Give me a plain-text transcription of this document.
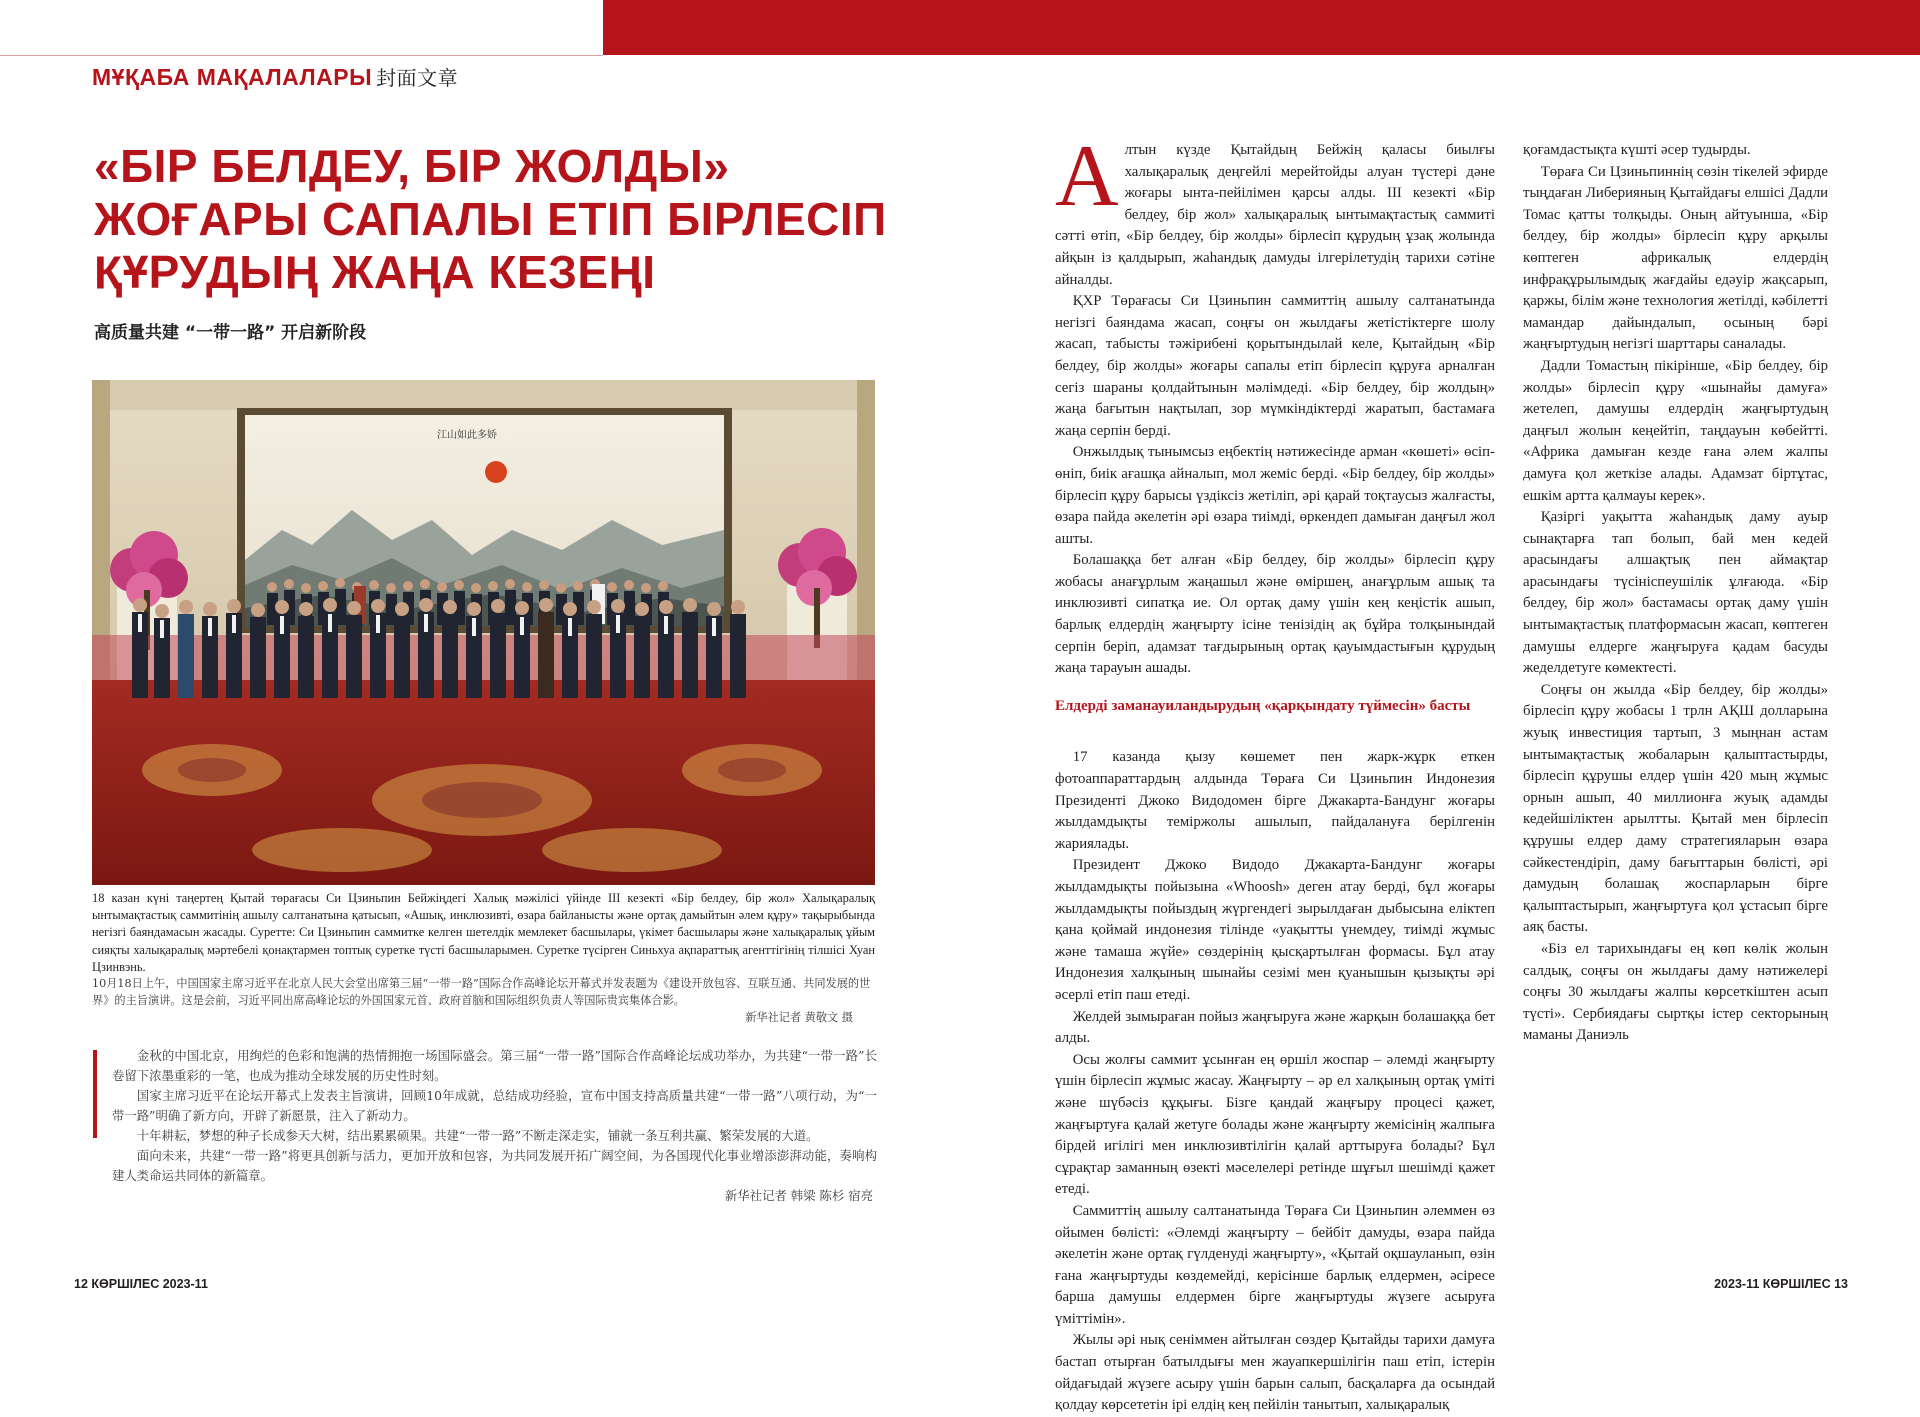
МҰҚАБА МАҚАЛАЛАРЫ 封面文章
«БІР БЕЛДЕУ, БІР ЖОЛДЫ» ЖОҒАРЫ САПАЛЫ ЕТІП БІРЛЕСІП ҚҰРУДЫҢ ЖАҢА КЕЗЕҢІ
高质量共建 “一带一路” 开启新阶段
江山如此多娇

18 казан күні таңертең Қытай төрағасы Си Цзиньпин Бейжіңдегі Халық мәжілісі үйінде III кезекті «Бір белдеу, бір жол» Халықаралық ынтымақтастық саммитінің ашылу салтанатына қатысып, «Ашық, инклюзивті, өзара байланысты және ортақ дамыйтын әлем құру» тақырыбында негізгі баяндамасын жасады. Суретте: Си Цзиньпин саммитке келген шетелдік мемлекет басшылары, үкімет басшылары және халықаралық ұйым сияқты халықаралық мәртебелі қонақтармен топтық суретке түсті басшыларымен. Суретке түсірген Синьхуа ақпараттық агенттігінің тілшісі Хуан Цзинвэнь.

10月18日上午，中国国家主席习近平在北京人民大会堂出席第三届“一带一路”国际合作高峰论坛开幕式并发表题为《建设开放包容、互联互通、共同发展的世界》的主旨演讲。这是会前，习近平同出席高峰论坛的外国国家元首、政府首脑和国际组织负责人等国际贵宾集体合影。
新华社记者 黄敬文 摄

金秋的中国北京，用绚烂的色彩和饱满的热情拥抱一场国际盛会。第三届“一带一路”国际合作高峰论坛成功举办，为共建“一带一路”长卷留下浓墨重彩的一笔，也成为推动全球发展的历史性时刻。

国家主席习近平在论坛开幕式上发表主旨演讲，回顾10年成就，总结成功经验，宣布中国支持高质量共建“一带一路”八项行动，为“一带一路”明确了新方向，开辟了新愿景，注入了新动力。

十年耕耘，梦想的种子长成参天大树，结出累累硕果。共建“一带一路”不断走深走实，铺就一条互利共赢、繁荣发展的大道。

面向未来，共建“一带一路”将更具创新与活力，更加开放和包容，为共同发展开拓广阔空间，为各国现代化事业增添澎湃动能，奏响构建人类命运共同体的新篇章。

新华社记者 韩梁 陈杉 宿亮

12 КӨРШІЛЕС 2023-11	2023-11 КӨРШІЛЕС 13

Алтын күзде Қытайдың Бейжің қаласы биылғы халықаралық деңгейлі мерейтойды алуан түстері дәне жоғары ынта-пейілімен қарсы алды. III кезекті «Бір белдеу, бір жол» халықаралық ынтымақтастық саммиті сәтті өтіп, «Бір белдеу, бір жолды» бірлесіп құрудың ұзақ жолында айқын із қалдырып, жаһандық дамуды ілгерілетудің тарихи сәтіне айналды.

ҚХР Төрағасы Си Цзиньпин саммиттің ашылу салтанатында негізгі баяндама жасап, соңғы он жылдағы жетістіктерге шолу жасап, табысты тәжірибені қорытындылай келе, Қытайдың «Бір белдеу, бір жолды» жоғары сапалы етіп бірлесіп құруға арналған сегіз шараны қолдайтынын мәлімдеді. «Бір белдеу, бір жолдың» жаңа бағытын нақтылап, зор мүмкіндіктерді жаратып, бастамаға жаңа серпін берді.

Онжылдық тынымсыз еңбектің нәтижесінде арман «көшеті» өсіп-өніп, биік ағашқа айналып, мол жеміс берді. «Бір белдеу, бір жолды» бірлесіп құру барысы үздіксіз жетіліп, әрі қарай тоқтаусыз жалғасты, өзара пайда әкелетін әрі өзара тиімді, өркендеп дамыған даңғыл жол ашты.

Болашаққа бет алған «Бір белдеу, бір жолды» бірлесіп құру жобасы анағұрлым жаңашыл және өміршең, анағұрлым ашық та инклюзивті сипатқа ие. Ол ортақ даму үшін кең кеңістік ашып, барлық елдердің жаңғырту ісіне тенізідің ақ бұйра толқынындай серпін беріп, адамзат тағдырының ортақ қауымдастығын құрудың жаңа тарауын ашады.

Елдерді заманауиландырудың «қарқындату түймесін» басты

17 казанда қызу көшемет пен жарк-жұрк еткен фотоаппараттардың алдында Төраға Си Цзиньпин Индонезия Президенті Джоко Видодомен бірге Джакарта-Бандунг жоғары жылдамдықты теміржолы ашылып, пайдалануға берілгенін жариялады.

Президент Джоко Видодо Джакарта-Бандунг жоғары жылдамдықты пойызына «Whoosh» деген атау берді, бұл жоғары жылдамдықты пойыздың жүргендегі зырылдаған дыбысына еліктеп қана қоймай индонезия тілінде «уақытты үнемдеу, тиімді жұмыс және тамаша жүйе» сөздерінің қысқартылған формасы. Бұл атау Индонезия халқының шынайы сезімі мен қуанышын қызықты әрі әсерлі етіп паш етеді.

Желдей зымыраған пойыз жаңғыруға және жарқын болашаққа бет алды.

Осы жолғы саммит ұсынған ең өршіл жоспар – әлемді жаңғырту үшін бірлесіп жұмыс жасау. Жаңғырту – әр ел халқының ортақ үміті және шүбәсіз құқығы. Бізге қандай жаңғыру процесі қажет, жаңғыртуға қалай жетуге болады және жаңғырту жемісінің жалпыға бірдей игілігі мен инклюзивтілігін қалай арттыруға болады? Бұл сұрақтар заманның өзекті мәселелері ретінде шұғыл шешімді қажет етеді.

Саммиттің ашылу салтанатында Төраға Си Цзиньпин әлеммен өз ойымен бөлісті: «Әлемді жаңғырту – бейбіт дамуды, өзара пайда әкелетін және ортақ гүлденуді жаңғырту», «Қытай оқшауланып, өзін ғана жаңғыртуды көздемейді, керісінше барлық елдермен, әсіресе барша дамушы елдермен бірге жаңғыртуды жүзеге асыруға үміттімін».

Жылы әрі нық сеніммен айтылған сөздер Қытайды тарихи дамуға бастап отырған батылдығы мен жауапкершілігін паш етіп, істерін ойдағыдай жүзеге асыру үшін барын салып, басқаларға да осындай қолдау көрсететін ірі елдің кең пейілін танытып, халықаралық

қоғамдастықта күшті әсер тудырды.

Төраға Си Цзиньпиннің сөзін тікелей эфирде тыңдаған Либерияның Қытайдағы елшісі Дадли Томас қатты толқыды. Оның айтуынша, «Бір белдеу, бір жолды» бірлесіп құру арқылы көптеген африкалық елдердің инфрақұрылымдық жағдайы едәуір жақсарып, қаржы, білім және технология жетілді, кәбілетті мамандар дайындалып, осының бәрі жаңғыртудың негізгі шарттары саналады.

Дадли Томастың пікірінше, «Бір белдеу, бір жолды» бірлесіп құру «шынайы дамуға» жетелеп, дамушы елдердің жаңғыртудың даңғыл жолын кеңейтіп, таңдауын көбейтті. «Африка дамыған кезде ғана әлем жалпы дамуға қол жеткізе алады. Адамзат біртұтас, ешкім артта қалмауы керек».

Қазіргі уақытта жаһандық даму ауыр сынақтарға тап болып, бай мен кедей арасындағы алшақтық пен аймақтар арасындағы түсініспеушілік ұлғаюда. «Бір белдеу, бір жол» бастамасы ортақ даму үшін ынтымақтастық платформасын жасап, көптеген дамушы елдерге жаңғыруға қадам басуды жеделдетуге көмектесті.

Соңғы он жылда «Бір белдеу, бір жолды» бірлесіп құру жобасы 1 трлн АҚШ долларына жуық инвестиция тартып, 3 мыңнан астам ынтымақтастық жобаларын қалыптастырды, бірлесіп құрушы елдер үшін 420 мың жұмыс орнын ашып, 40 миллионға жуық адамды кедейшіліктен арылтты. Қытай мен бірлесіп құрушы елдер даму стратегияларын өзара сәйкестендіріп, даму бағыттарын бөлісті, әрі дамудың болашақ жоспарларын бірге қалыптастырып, жаңғыртуға қол ұстасып бірге аяқ басты.

«Біз ел тарихындағы ең көп көлік жолын салдық, соңғы он жылдағы даму нәтижелері соңғы 30 жылдағы жалпы көрсеткіштен асып түсті». Сербиядағы сыртқы істер секторының маманы Даниэль
